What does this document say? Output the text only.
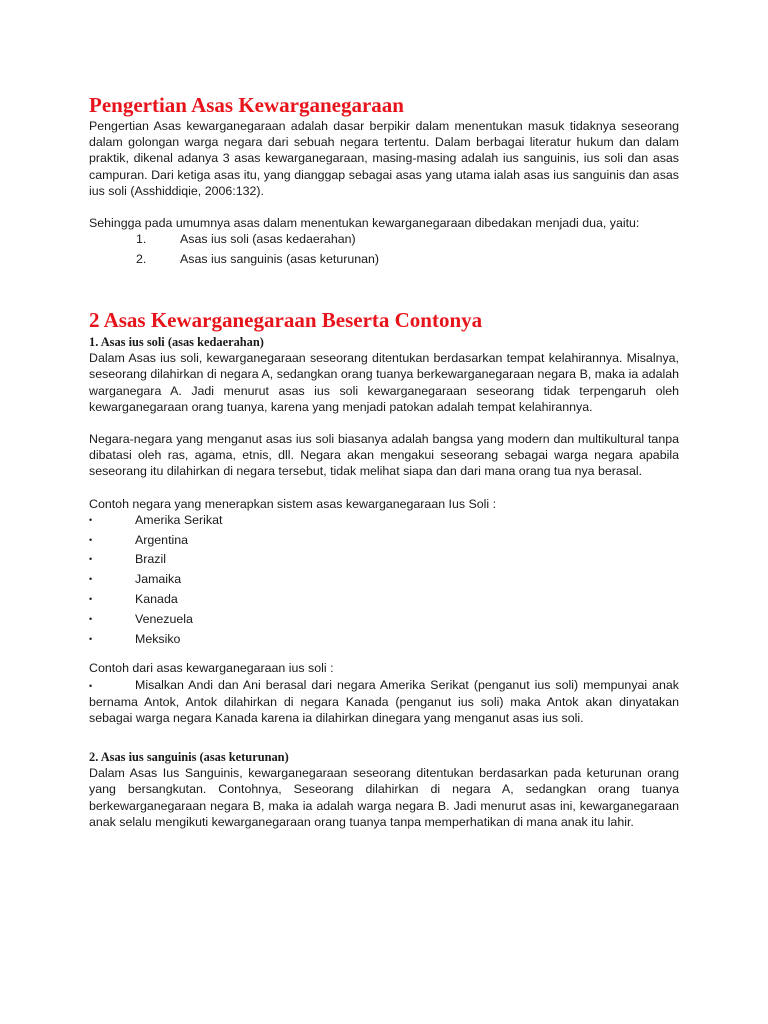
Pengertian Asas Kewarganegaraan

Pengertian Asas kewarganegaraan adalah dasar berpikir dalam menentukan masuk tidaknya seseorang dalam golongan warga negara dari sebuah negara tertentu. Dalam berbagai literatur hukum dan dalam praktik, dikenal adanya 3 asas kewarganegaraan, masing-masing adalah ius sanguinis, ius soli dan asas campuran. Dari ketiga asas itu, yang dianggap sebagai asas yang utama ialah asas ius sanguinis dan asas ius soli (Asshiddiqie, 2006:132).

Sehingga pada umumnya asas dalam menentukan kewarganegaraan dibedakan menjadi dua, yaitu:

1.	Asas ius soli (asas kedaerahan)
2.	Asas ius sanguinis (asas keturunan)
2 Asas Kewarganegaraan Beserta Contonya

1. Asas ius soli (asas kedaerahan)

Dalam Asas ius soli, kewarganegaraan seseorang ditentukan berdasarkan tempat kelahirannya. Misalnya, seseorang dilahirkan di negara A, sedangkan orang tuanya berkewarganegaraan negara B, maka ia adalah warganegara A. Jadi menurut asas ius soli kewarganegaraan seseorang tidak terpengaruh oleh kewarganegaraan orang tuanya, karena yang menjadi patokan adalah tempat kelahirannya.

Negara-negara yang menganut asas ius soli biasanya adalah bangsa yang modern dan multikultural tanpa dibatasi oleh ras, agama, etnis, dll. Negara akan mengakui seseorang sebagai warga negara apabila seseorang itu dilahirkan di negara tersebut, tidak melihat siapa dan dari mana orang tua nya berasal.

Contoh negara yang menerapkan sistem asas kewarganegaraan Ius Soli :

•	Amerika Serikat
•	Argentina
•	Brazil
•	Jamaika
•	Kanada
•	Venezuela
•	Meksiko

Contoh dari asas kewarganegaraan ius soli :

•	Misalkan Andi dan Ani berasal dari negara Amerika Serikat (penganut ius soli) mempunyai anak bernama Antok, Antok dilahirkan di negara Kanada (penganut ius soli) maka Antok akan dinyatakan sebagai warga negara Kanada karena ia dilahirkan dinegara yang menganut asas ius soli.

2. Asas ius sanguinis (asas keturunan)

Dalam Asas Ius Sanguinis, kewarganegaraan seseorang ditentukan berdasarkan pada keturunan orang yang bersangkutan. Contohnya, Seseorang dilahirkan di negara A, sedangkan orang tuanya berkewarganegaraan negara B, maka ia adalah warga negara B. Jadi menurut asas ini, kewarganegaraan anak selalu mengikuti kewarganegaraan orang tuanya tanpa memperhatikan di mana anak itu lahir.
